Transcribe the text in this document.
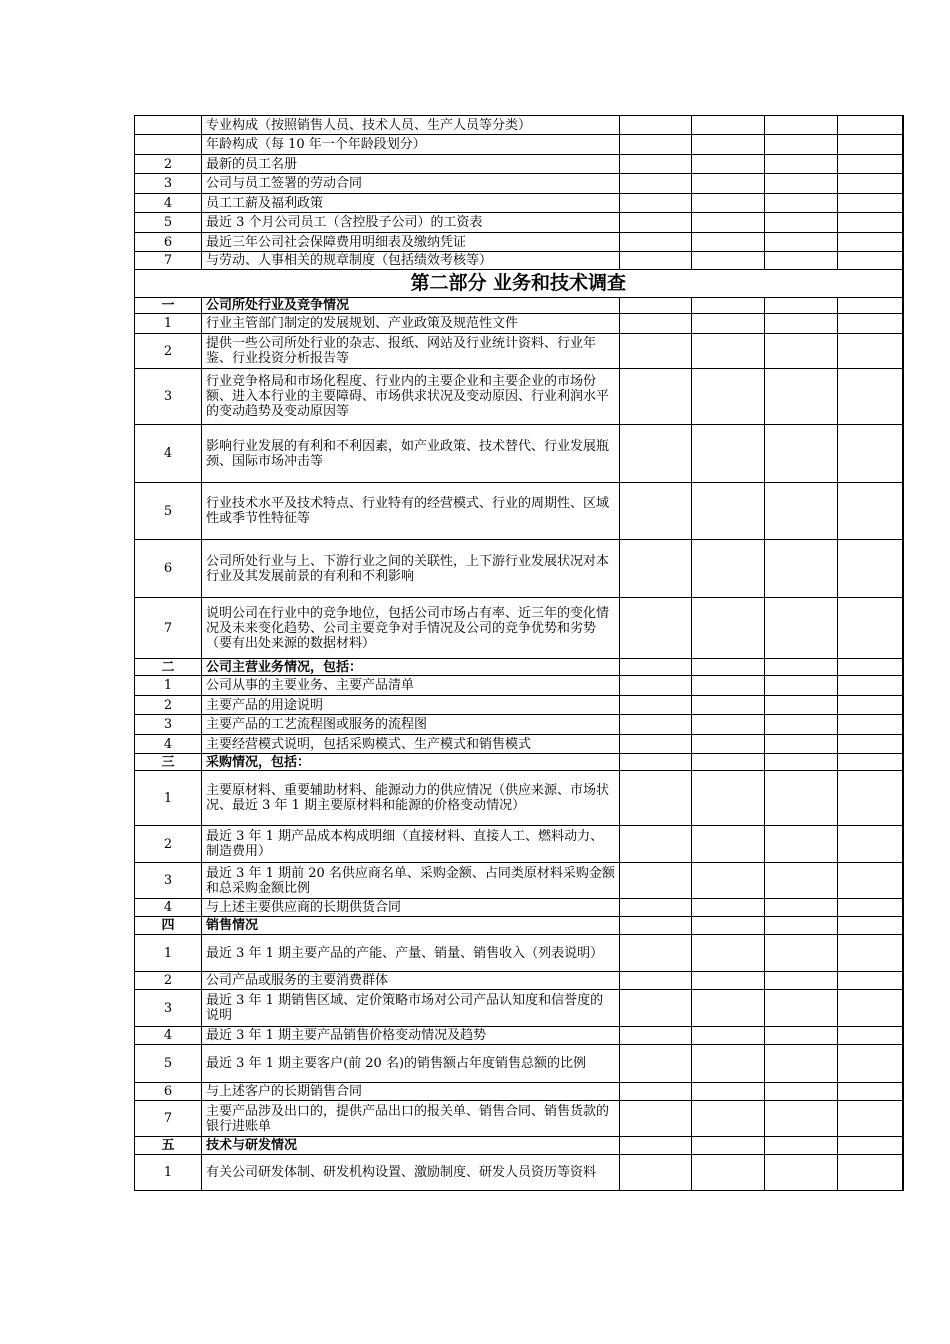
	专业构成（按照销售人员、技术人员、生产人员等分类）				
	年龄构成（每 10 年一个年龄段划分）				
2	最新的员工名册				
3	公司与员工签署的劳动合同				
4	员工工薪及福利政策				
5	最近 3 个月公司员工（含控股子公司）的工资表				
6	最近三年公司社会保障费用明细表及缴纳凭证				
7	与劳动、人事相关的规章制度（包括绩效考核等）				
第二部分 业务和技术调查					
一	公司所处行业及竞争情况				
1	行业主管部门制定的发展规划、产业政策及规范性文件				
2	提供一些公司所处行业的杂志、报纸、网站及行业统计资料、行业年鉴、行业投资分析报告等				
3	行业竞争格局和市场化程度、行业内的主要企业和主要企业的市场份额、进入本行业的主要障碍、市场供求状况及变动原因、行业利润水平的变动趋势及变动原因等				
4	影响行业发展的有利和不利因素，如产业政策、技术替代、行业发展瓶颈、国际市场冲击等				
5	行业技术水平及技术特点、行业特有的经营模式、行业的周期性、区域性或季节性特征等				
6	公司所处行业与上、下游行业之间的关联性，上下游行业发展状况对本行业及其发展前景的有利和不利影响				
7	说明公司在行业中的竞争地位，包括公司市场占有率、近三年的变化情况及未来变化趋势、公司主要竞争对手情况及公司的竞争优势和劣势（要有出处来源的数据材料）				
二	公司主营业务情况，包括：				
1	公司从事的主要业务、主要产品清单				
2	主要产品的用途说明				
3	主要产品的工艺流程图或服务的流程图				
4	主要经营模式说明，包括采购模式、生产模式和销售模式				
三	采购情况，包括：				
1	主要原材料、重要辅助材料、能源动力的供应情况（供应来源、市场状况、最近 3 年 1 期主要原材料和能源的价格变动情况）				
2	最近 3 年 1 期产品成本构成明细（直接材料、直接人工、燃料动力、制造费用）				
3	最近 3 年 1 期前 20 名供应商名单、采购金额、占同类原材料采购金额和总采购金额比例				
4	与上述主要供应商的长期供货合同				
四	销售情况				
1	最近 3 年 1 期主要产品的产能、产量、销量、销售收入（列表说明）				
2	公司产品或服务的主要消费群体				
3	最近 3 年 1 期销售区域、定价策略市场对公司产品认知度和信誉度的说明				
4	最近 3 年 1 期主要产品销售价格变动情况及趋势				
5	最近 3 年 1 期主要客户(前 20 名)的销售额占年度销售总额的比例				
6	与上述客户的长期销售合同				
7	主要产品涉及出口的，提供产品出口的报关单、销售合同、销售货款的银行进账单				
五	技术与研发情况				
1	有关公司研发体制、研发机构设置、激励制度、研发人员资历等资料				
